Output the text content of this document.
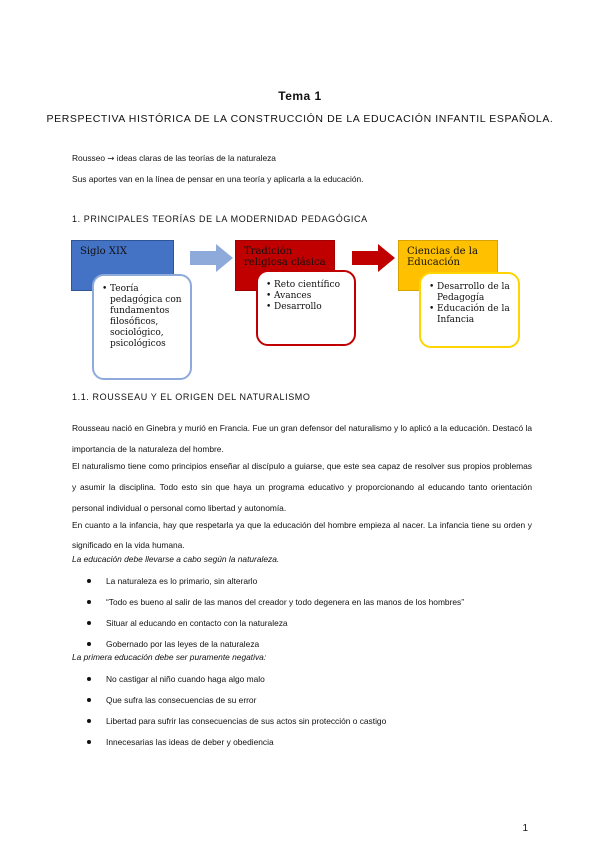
Tema 1
PERSPECTIVA HISTÓRICA DE LA CONSTRUCCIÓN DE LA EDUCACIÓN INFANTIL ESPAÑOLA.
Rousseo → ideas claras de las teorías de la naturaleza
Sus aportes van en la línea de pensar en una teoría y aplicarla a la educación.
1. PRINCIPALES TEORÍAS DE LA MODERNIDAD PEDAGÓGICA
Siglo XIX
• Teoría pedagógica con fundamentos filosóficos, sociológico, psicológicos
Tradición religiosa clásica
• Reto científico
• Avances
• Desarrollo
Ciencias de la Educación
• Desarrollo de la Pedagogía
• Educación de la Infancia
1.1. ROUSSEAU Y EL ORIGEN DEL NATURALISMO
Rousseau nació en Ginebra y murió en Francia. Fue un gran defensor del naturalismo y lo aplicó a la educación. Destacó la importancia de la naturaleza del hombre.
El naturalismo tiene como principios enseñar al discípulo a guiarse, que este sea capaz de resolver sus propios problemas y asumir la disciplina. Todo esto sin que haya un programa educativo y proporcionando al educando tanto orientación personal individual o personal como libertad y autonomía.
En cuanto a la infancia, hay que respetarla ya que la educación del hombre empieza al nacer. La infancia tiene su orden y significado en la vida humana.
La educación debe llevarse a cabo según la naturaleza.
La naturaleza es lo primario, sin alterarlo
“Todo es bueno al salir de las manos del creador y todo degenera en las manos de los hombres”
Situar al educando en contacto con la naturaleza
Gobernado por las leyes de la naturaleza
La primera educación debe ser puramente negativa:
No castigar al niño cuando haga algo malo
Que sufra las consecuencias de su error
Libertad para sufrir las consecuencias de sus actos sin protección o castigo
Innecesarias las ideas de deber y obediencia
1
